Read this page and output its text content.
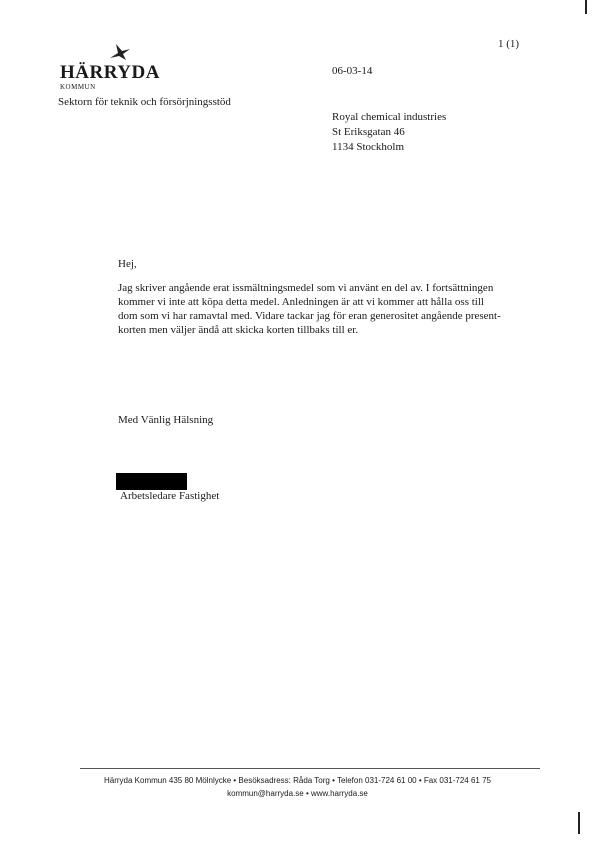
1 (1)
06-03-14
HÄRRYDA
KOMMUN
Sektorn för teknik och försörjningsstöd
Royal chemical industries
St Eriksgatan 46
1134 Stockholm
Hej,
Jag skriver angående erat issmältningsmedel som vi använt en del av. I fortsättningen
kommer vi inte att köpa detta medel. Anledningen är att vi kommer att hålla oss till
dom som vi har ramavtal med. Vidare tackar jag för eran generositet angående present-
korten men väljer ändå att skicka korten tillbaks till er.
Med Vänlig Hälsning
Arbetsledare Fastighet
Härryda Kommun 435 80 Mölnlycke • Besöksadress: Råda Torg • Telefon 031-724 61 00 • Fax 031-724 61 75
kommun@harryda.se • www.harryda.se
